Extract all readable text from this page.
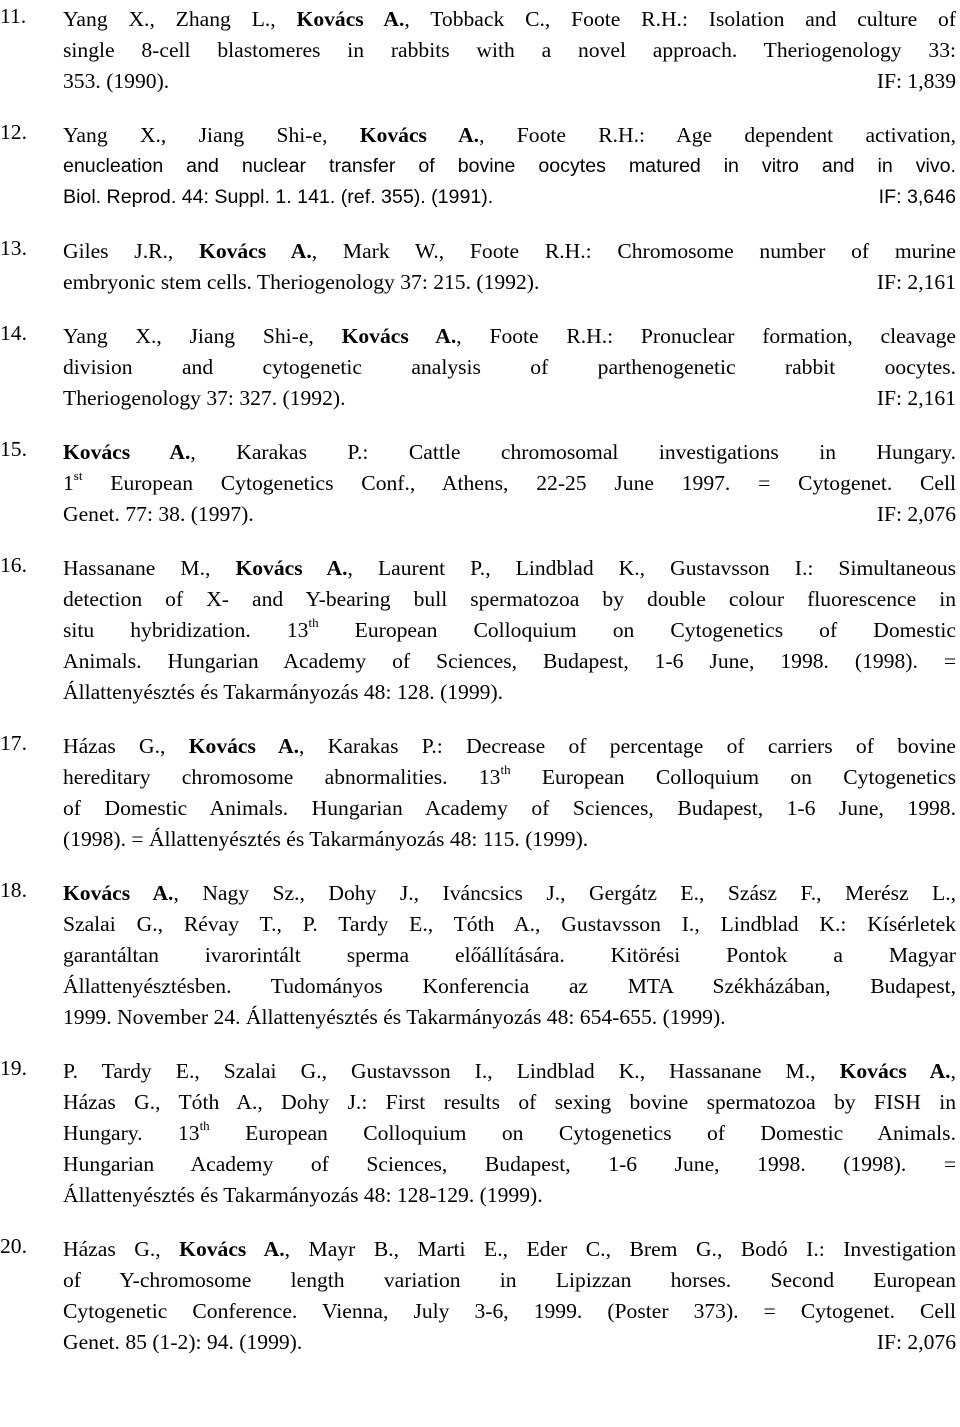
11. Yang X., Zhang L., Kovács A., Tobback C., Foote R.H.: Isolation and culture of
single 8-cell blastomeres in rabbits with a novel approach. Theriogenology 33:
353. (1990).	IF: 1,839
12. Yang X., Jiang Shi-e, Kovács A., Foote R.H.: Age dependent activation,
enucleation and nuclear transfer of bovine oocytes matured in vitro and in vivo.
Biol. Reprod. 44: Suppl. 1. 141. (ref. 355). (1991).	IF: 3,646
13. Giles J.R., Kovács A., Mark W., Foote R.H.: Chromosome number of murine
embryonic stem cells. Theriogenology 37: 215. (1992).	IF: 2,161
14. Yang X., Jiang Shi-e, Kovács A., Foote R.H.: Pronuclear formation, cleavage
division and cytogenetic analysis of parthenogenetic rabbit oocytes.
Theriogenology 37: 327. (1992).	IF: 2,161
15. Kovács A., Karakas P.: Cattle chromosomal investigations in Hungary.
1st European Cytogenetics Conf., Athens, 22-25 June 1997. = Cytogenet. Cell
Genet. 77: 38. (1997).	IF: 2,076
16. Hassanane M., Kovács A., Laurent P., Lindblad K., Gustavsson I.: Simultaneous
detection of X- and Y-bearing bull spermatozoa by double colour fluorescence in
situ hybridization. 13th European Colloquium on Cytogenetics of Domestic
Animals. Hungarian Academy of Sciences, Budapest, 1-6 June, 1998. (1998). =
Állattenyésztés és Takarmányozás 48: 128. (1999).
17. Házas G., Kovács A., Karakas P.: Decrease of percentage of carriers of bovine
hereditary chromosome abnormalities. 13th European Colloquium on Cytogenetics
of Domestic Animals. Hungarian Academy of Sciences, Budapest, 1-6 June, 1998.
(1998). = Állattenyésztés és Takarmányozás 48: 115. (1999).
18. Kovács A., Nagy Sz., Dohy J., Iváncsics J., Gergátz E., Szász F., Merész L.,
Szalai G., Révay T., P. Tardy E., Tóth A., Gustavsson I., Lindblad K.: Kísérletek
garantáltan ivarorintált sperma előállítására. Kitörési Pontok a Magyar
Állattenyésztésben. Tudományos Konferencia az MTA Székházában, Budapest,
1999. November 24. Állattenyésztés és Takarmányozás 48: 654-655. (1999).
19. P. Tardy E., Szalai G., Gustavsson I., Lindblad K., Hassanane M., Kovács A.,
Házas G., Tóth A., Dohy J.: First results of sexing bovine spermatozoa by FISH in
Hungary. 13th European Colloquium on Cytogenetics of Domestic Animals.
Hungarian Academy of Sciences, Budapest, 1-6 June, 1998. (1998). =
Állattenyésztés és Takarmányozás 48: 128-129. (1999).
20. Házas G., Kovács A., Mayr B., Marti E., Eder C., Brem G., Bodó I.: Investigation
of Y-chromosome length variation in Lipizzan horses. Second European
Cytogenetic Conference. Vienna, July 3-6, 1999. (Poster 373). = Cytogenet. Cell
Genet. 85 (1-2): 94. (1999).	IF: 2,076
